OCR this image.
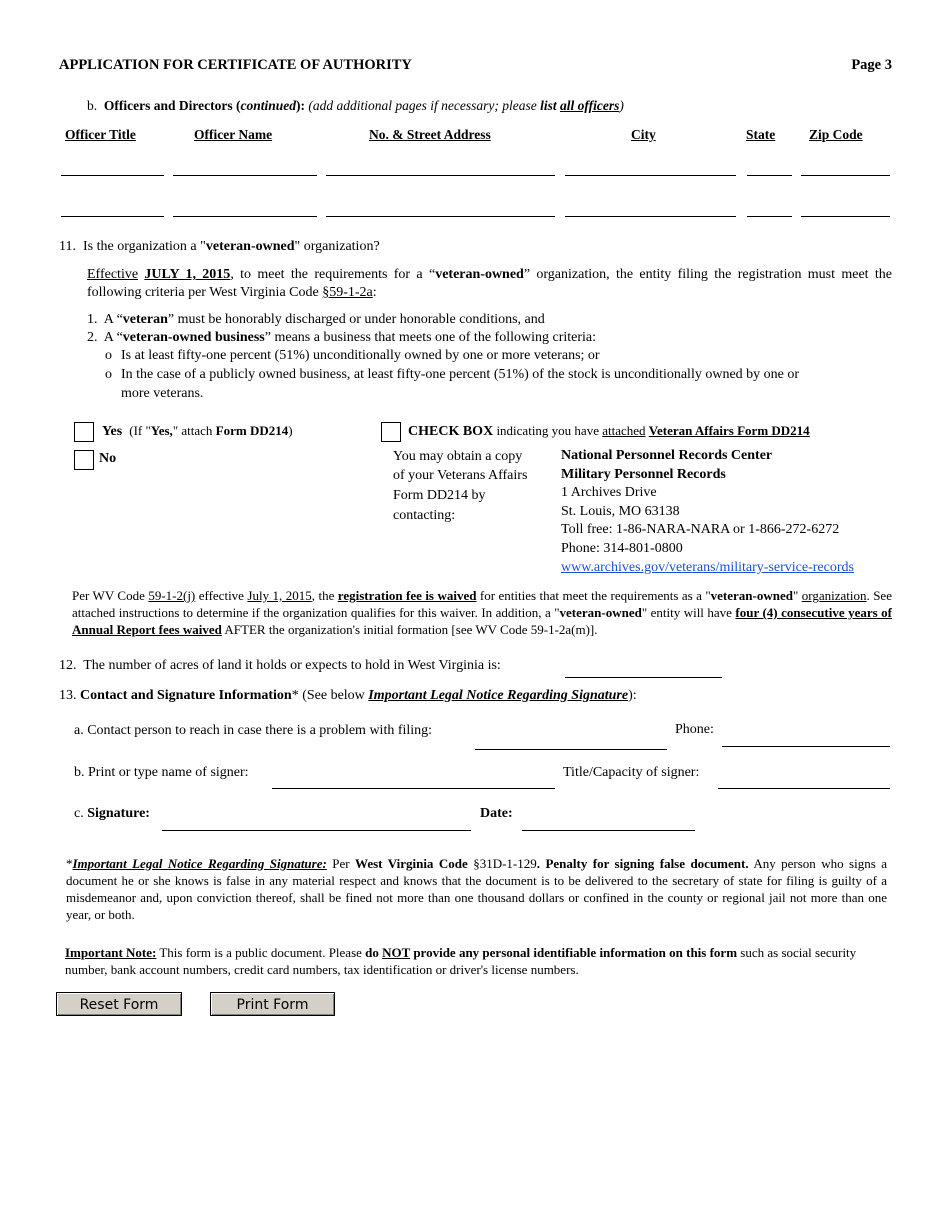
APPLICATION FOR CERTIFICATE OF AUTHORITY	Page 3
b. Officers and Directors (continued): (add additional pages if necessary; please list all officers)
Officer Title	Officer Name	No. & Street Address	City	State	Zip Code
11. Is the organization a "veteran-owned" organization?
Effective JULY 1, 2015, to meet the requirements for a “veteran-owned” organization, the entity filing the registration must meet the following criteria per West Virginia Code §59-1-2a:
1. A “veteran” must be honorably discharged or under honorable conditions, and
2. A “veteran-owned business” means a business that meets one of the following criteria:
o Is at least fifty-one percent (51%) unconditionally owned by one or more veterans; or
o In the case of a publicly owned business, at least fifty-one percent (51%) of the stock is unconditionally owned by one or
more veterans.
Yes (If "Yes," attach Form DD214)
No
CHECK BOX indicating you have attached Veteran Affairs Form DD214
You may obtain a copy
of your Veterans Affairs
Form DD214 by
contacting:
National Personnel Records Center
Military Personnel Records
1 Archives Drive
St. Louis, MO 63138
Toll free: 1-86-NARA-NARA or 1-866-272-6272
Phone: 314-801-0800
www.archives.gov/veterans/military-service-records
Per WV Code 59-1-2(j) effective July 1, 2015, the registration fee is waived for entities that meet the requirements as a "veteran-owned" organization. See attached instructions to determine if the organization qualifies for this waiver. In addition, a "veteran-owned" entity will have four (4) consecutive years of Annual Report fees waived AFTER the organization's initial formation [see WV Code 59-1-2a(m)].
12. The number of acres of land it holds or expects to hold in West Virginia is:
13. Contact and Signature Information* (See below Important Legal Notice Regarding Signature):
a. Contact person to reach in case there is a problem with filing:	Phone:
b. Print or type name of signer:	Title/Capacity of signer:
c. Signature:	Date:
*Important Legal Notice Regarding Signature: Per West Virginia Code §31D-1-129. Penalty for signing false document. Any person who signs a document he or she knows is false in any material respect and knows that the document is to be delivered to the secretary of state for filing is guilty of a misdemeanor and, upon conviction thereof, shall be fined not more than one thousand dollars or confined in the county or regional jail not more than one year, or both.
Important Note: This form is a public document. Please do NOT provide any personal identifiable information on this form such as social security number, bank account numbers, credit card numbers, tax identification or driver's license numbers.
Reset Form	Print Form
